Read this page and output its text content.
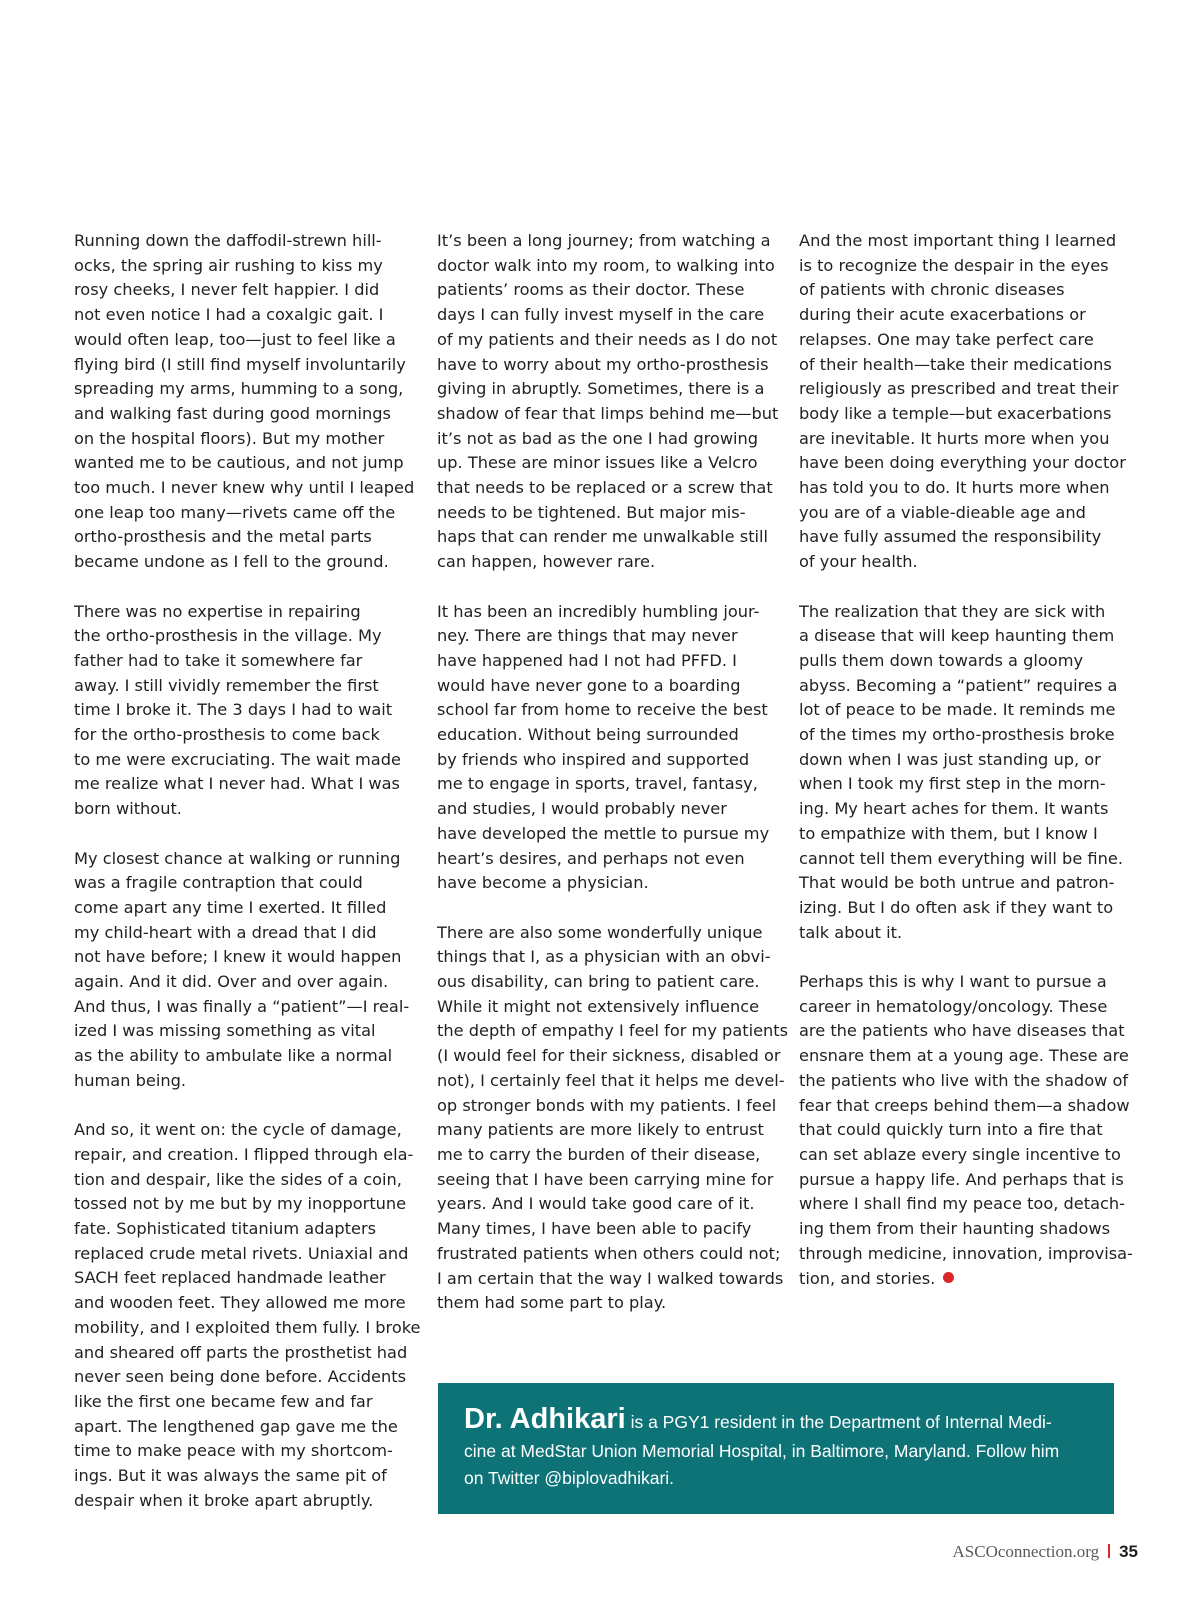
Running down the daffodil-strewn hill-
ocks, the spring air rushing to kiss my
rosy cheeks, I never felt happier. I did
not even notice I had a coxalgic gait. I
would often leap, too—just to feel like a
flying bird (I still find myself involuntarily
spreading my arms, humming to a song,
and walking fast during good mornings
on the hospital floors). But my mother
wanted me to be cautious, and not jump
too much. I never knew why until I leaped
one leap too many—rivets came off the
ortho-prosthesis and the metal parts
became undone as I fell to the ground.

There was no expertise in repairing
the ortho-prosthesis in the village. My
father had to take it somewhere far
away. I still vividly remember the first
time I broke it. The 3 days I had to wait
for the ortho-prosthesis to come back
to me were excruciating. The wait made
me realize what I never had. What I was
born without.

My closest chance at walking or running
was a fragile contraption that could
come apart any time I exerted. It filled
my child-heart with a dread that I did
not have before; I knew it would happen
again. And it did. Over and over again.
And thus, I was finally a “patient”—I real-
ized I was missing something as vital
as the ability to ambulate like a normal
human being.

And so, it went on: the cycle of damage,
repair, and creation. I flipped through ela-
tion and despair, like the sides of a coin,
tossed not by me but by my inopportune
fate. Sophisticated titanium adapters
replaced crude metal rivets. Uniaxial and
SACH feet replaced handmade leather
and wooden feet. They allowed me more
mobility, and I exploited them fully. I broke
and sheared off parts the prosthetist had
never seen being done before. Accidents
like the first one became few and far
apart. The lengthened gap gave me the
time to make peace with my shortcom-
ings. But it was always the same pit of
despair when it broke apart abruptly.

It’s been a long journey; from watching a
doctor walk into my room, to walking into
patients’ rooms as their doctor. These
days I can fully invest myself in the care
of my patients and their needs as I do not
have to worry about my ortho-prosthesis
giving in abruptly. Sometimes, there is a
shadow of fear that limps behind me—but
it’s not as bad as the one I had growing
up. These are minor issues like a Velcro
that needs to be replaced or a screw that
needs to be tightened. But major mis-
haps that can render me unwalkable still
can happen, however rare.

It has been an incredibly humbling jour-
ney. There are things that may never
have happened had I not had PFFD. I
would have never gone to a boarding
school far from home to receive the best
education. Without being surrounded
by friends who inspired and supported
me to engage in sports, travel, fantasy,
and studies, I would probably never
have developed the mettle to pursue my
heart’s desires, and perhaps not even
have become a physician.

There are also some wonderfully unique
things that I, as a physician with an obvi-
ous disability, can bring to patient care.
While it might not extensively influence
the depth of empathy I feel for my patients
(I would feel for their sickness, disabled or
not), I certainly feel that it helps me devel-
op stronger bonds with my patients. I feel
many patients are more likely to entrust
me to carry the burden of their disease,
seeing that I have been carrying mine for
years. And I would take good care of it.
Many times, I have been able to pacify
frustrated patients when others could not;
I am certain that the way I walked towards
them had some part to play.

And the most important thing I learned
is to recognize the despair in the eyes
of patients with chronic diseases
during their acute exacerbations or
relapses. One may take perfect care
of their health—take their medications
religiously as prescribed and treat their
body like a temple—but exacerbations
are inevitable. It hurts more when you
have been doing everything your doctor
has told you to do. It hurts more when
you are of a viable-dieable age and
have fully assumed the responsibility
of your health.

The realization that they are sick with
a disease that will keep haunting them
pulls them down towards a gloomy
abyss. Becoming a “patient” requires a
lot of peace to be made. It reminds me
of the times my ortho-prosthesis broke
down when I was just standing up, or
when I took my first step in the morn-
ing. My heart aches for them. It wants
to empathize with them, but I know I
cannot tell them everything will be fine.
That would be both untrue and patron-
izing. But I do often ask if they want to
talk about it.

Perhaps this is why I want to pursue a
career in hematology/oncology. These
are the patients who have diseases that
ensnare them at a young age. These are
the patients who live with the shadow of
fear that creeps behind them—a shadow
that could quickly turn into a fire that
can set ablaze every single incentive to
pursue a happy life. And perhaps that is
where I shall find my peace too, detach-
ing them from their haunting shadows
through medicine, innovation, improvisa-
tion, and stories.

Dr. Adhikari is a PGY1 resident in the Department of Internal Medi-
cine at MedStar Union Memorial Hospital, in Baltimore, Maryland. Follow him
on Twitter @biplovadhikari.
ASCOconnection.org 35
